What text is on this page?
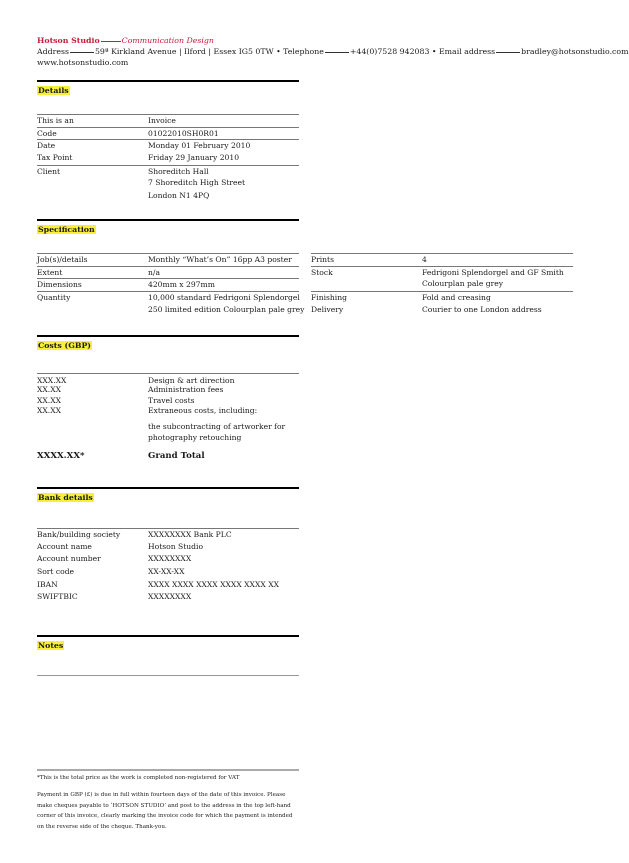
Hotson Studio	Communication Design
Address	59ª Kirkland Avenue | Ilford | Essex IG5 0TW • Telephone	+44(0)7528 942083 • Email address	bradley@hotsonstudio.com
www.hotsonstudio.com
Details
This is an	Invoice
Code	01022010SH0R01
Date	Monday 01 February 2010
Tax Point	Friday 29 January 2010
Client	Shoreditch Hall
7 Shoreditch High Street
London N1 4PQ
Specification
Job(s)/details	Monthly “What’s On” 16pp A3 poster
Extent	n/a
Dimensions	420mm x 297mm
Quantity	10,000 standard Fedrigoni Splendorgel
250 limited edition Colourplan pale grey
Prints	4
Stock	Fedrigoni Splendorgel and GF Smith
Colourplan pale grey
Finishing	Fold and creasing
Delivery	Courier to one London address
Costs (GBP)
XXX.XX	Design & art direction
XX.XX	Administration fees
XX.XX	Travel costs
XX.XX	Extraneous costs, including:
the subcontracting of artworker for
photography retouching
XXXX.XX*	Grand Total
Bank details
Bank/building society	XXXXXXXX Bank PLC
Account name	Hotson Studio
Account number	XXXXXXXX
Sort code	XX-XX-XX
IBAN	XXXX XXXX XXXX XXXX XXXX XX
SWIFTBIC	XXXXXXXX
Notes
*This is the total price as the work is completed non-registered for VAT
Payment in GBP (£) is due in full within fourteen days of the date of this invoice. Please
make cheques payable to ‘HOTSON STUDIO’ and post to the address in the top left-hand
corner of this invoice, clearly marking the invoice code for which the payment is intended
on the reverse side of the cheque. Thank-you.
